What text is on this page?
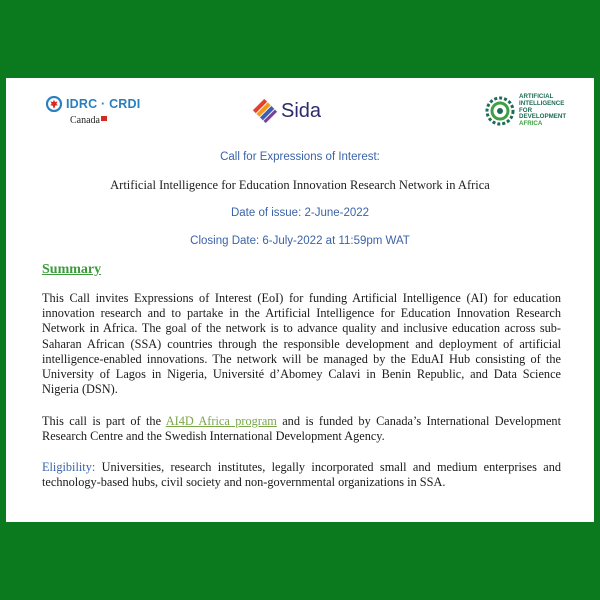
IDRC · CRDI
Canada	Sida
ARTIFICIAL
INTELLIGENCE
FOR
DEVELOPMENT
AFRICA
Call for Expressions of Interest:
Artificial Intelligence for Education Innovation Research Network in Africa
Date of issue: 2-June-2022
Closing Date: 6-July-2022 at 11:59pm WAT
Summary

This Call invites Expressions of Interest (EoI) for funding Artificial Intelligence (AI) for education innovation research and to partake in the Artificial Intelligence for Education Innovation Research Network in Africa. The goal of the network is to advance quality and inclusive education across sub-Saharan African (SSA) countries through the responsible development and deployment of artificial intelligence-enabled innovations. The network will be managed by the EduAI Hub consisting of the University of Lagos in Nigeria, Université d’Abomey Calavi in Benin Republic, and Data Science Nigeria (DSN).

This call is part of the AI4D Africa program and is funded by Canada’s International Development Research Centre and the Swedish International Development Agency.

Eligibility: Universities, research institutes, legally incorporated small and medium enterprises and technology-based hubs, civil society and non-governmental organizations in SSA.
